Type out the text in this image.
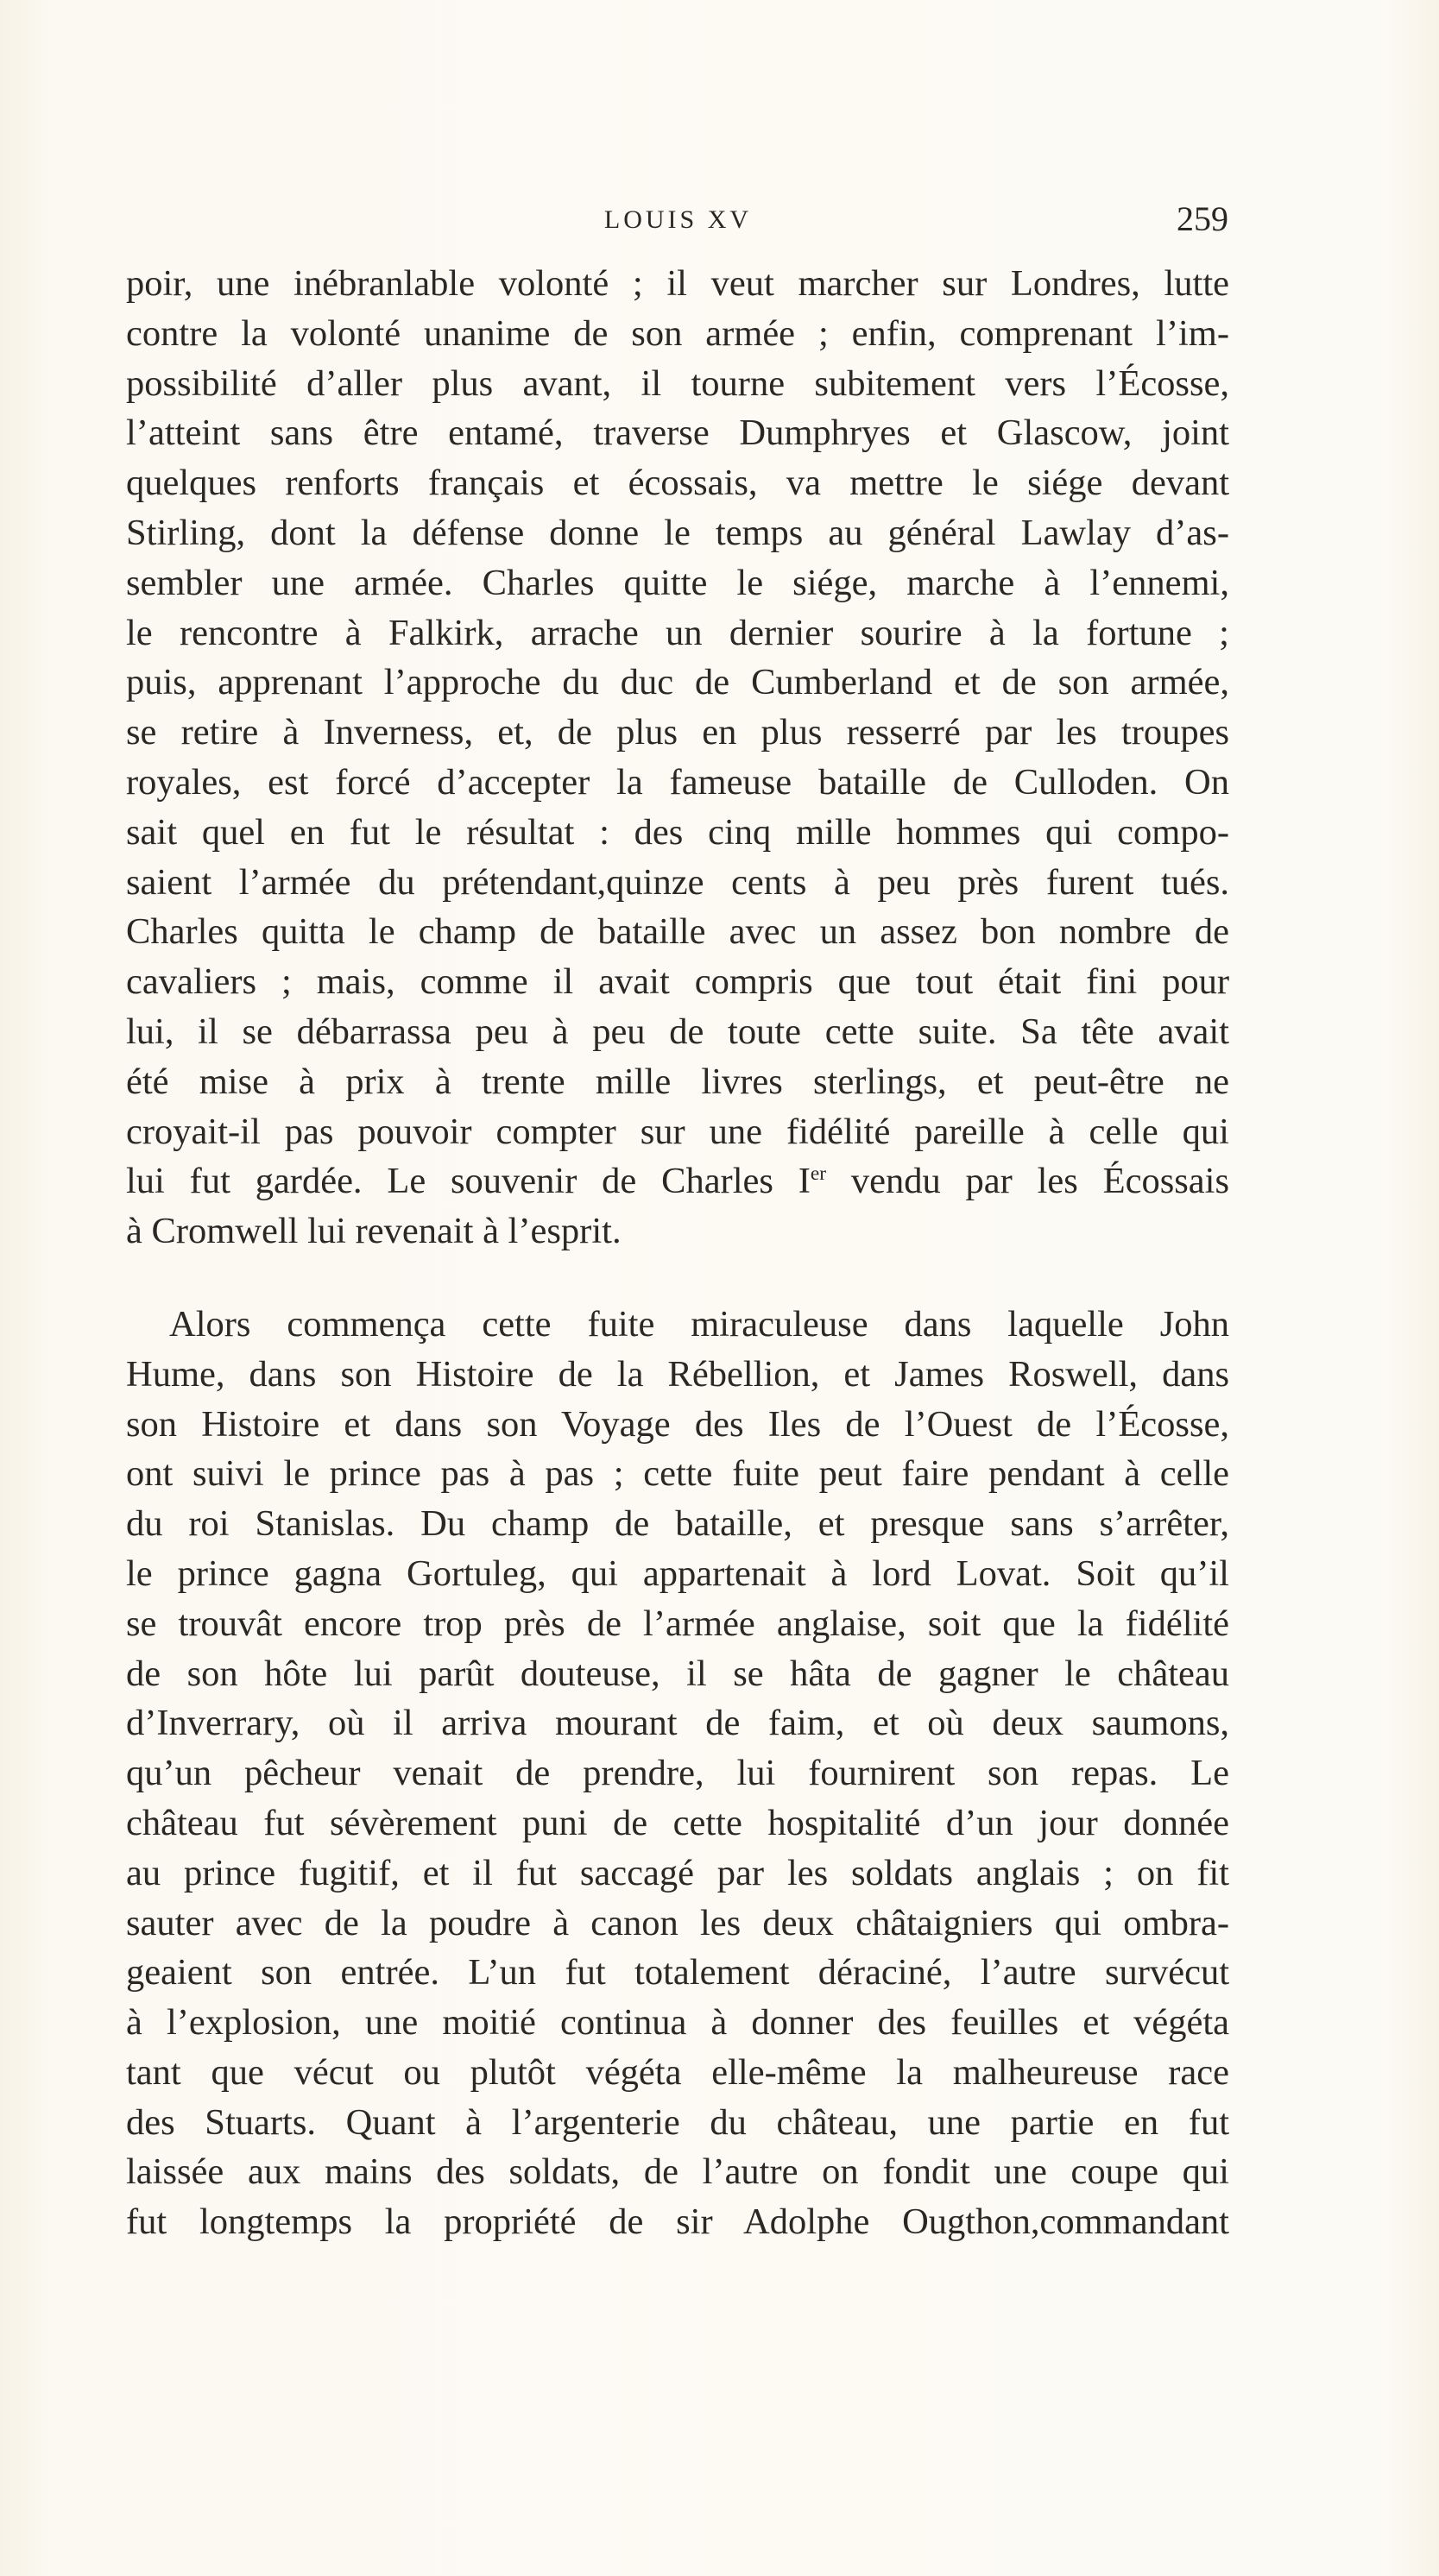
LOUIS XV	259

poir, une inébranlable volonté ; il veut marcher sur Londres, lutte
contre la volonté unanime de son armée ; enfin, comprenant l’im-
possibilité d’aller plus avant, il tourne subitement vers l’Écosse,
l’atteint sans être entamé, traverse Dumphryes et Glascow, joint
quelques renforts français et écossais, va mettre le siége devant
Stirling, dont la défense donne le temps au général Lawlay d’as-
sembler une armée. Charles quitte le siége, marche à l’ennemi,
le rencontre à Falkirk, arrache un dernier sourire à la fortune ;
puis, apprenant l’approche du duc de Cumberland et de son armée,
se retire à Inverness, et, de plus en plus resserré par les troupes
royales, est forcé d’accepter la fameuse bataille de Culloden. On
sait quel en fut le résultat : des cinq mille hommes qui compo-
saient l’armée du prétendant,quinze cents à peu près furent tués.
Charles quitta le champ de bataille avec un assez bon nombre de
cavaliers ; mais, comme il avait compris que tout était fini pour
lui, il se débarrassa peu à peu de toute cette suite. Sa tête avait
été mise à prix à trente mille livres sterlings, et peut-être ne
croyait-il pas pouvoir compter sur une fidélité pareille à celle qui
lui fut gardée. Le souvenir de Charles Ier vendu par les Écossais
à Cromwell lui revenait à l’esprit.

Alors commença cette fuite miraculeuse dans laquelle John
Hume, dans son Histoire de la Rébellion, et James Roswell, dans
son Histoire et dans son Voyage des Iles de l’Ouest de l’Écosse,
ont suivi le prince pas à pas ; cette fuite peut faire pendant à celle
du roi Stanislas. Du champ de bataille, et presque sans s’arrêter,
le prince gagna Gortuleg, qui appartenait à lord Lovat. Soit qu’il
se trouvât encore trop près de l’armée anglaise, soit que la fidélité
de son hôte lui parût douteuse, il se hâta de gagner le château
d’Inverrary, où il arriva mourant de faim, et où deux saumons,
qu’un pêcheur venait de prendre, lui fournirent son repas. Le
château fut sévèrement puni de cette hospitalité d’un jour donnée
au prince fugitif, et il fut saccagé par les soldats anglais ; on fit
sauter avec de la poudre à canon les deux châtaigniers qui ombra-
geaient son entrée. L’un fut totalement déraciné, l’autre survécut
à l’explosion, une moitié continua à donner des feuilles et végéta
tant que vécut ou plutôt végéta elle-même la malheureuse race
des Stuarts. Quant à l’argenterie du château, une partie en fut
laissée aux mains des soldats, de l’autre on fondit une coupe qui
fut longtemps la propriété de sir Adolphe Ougthon,commandant
